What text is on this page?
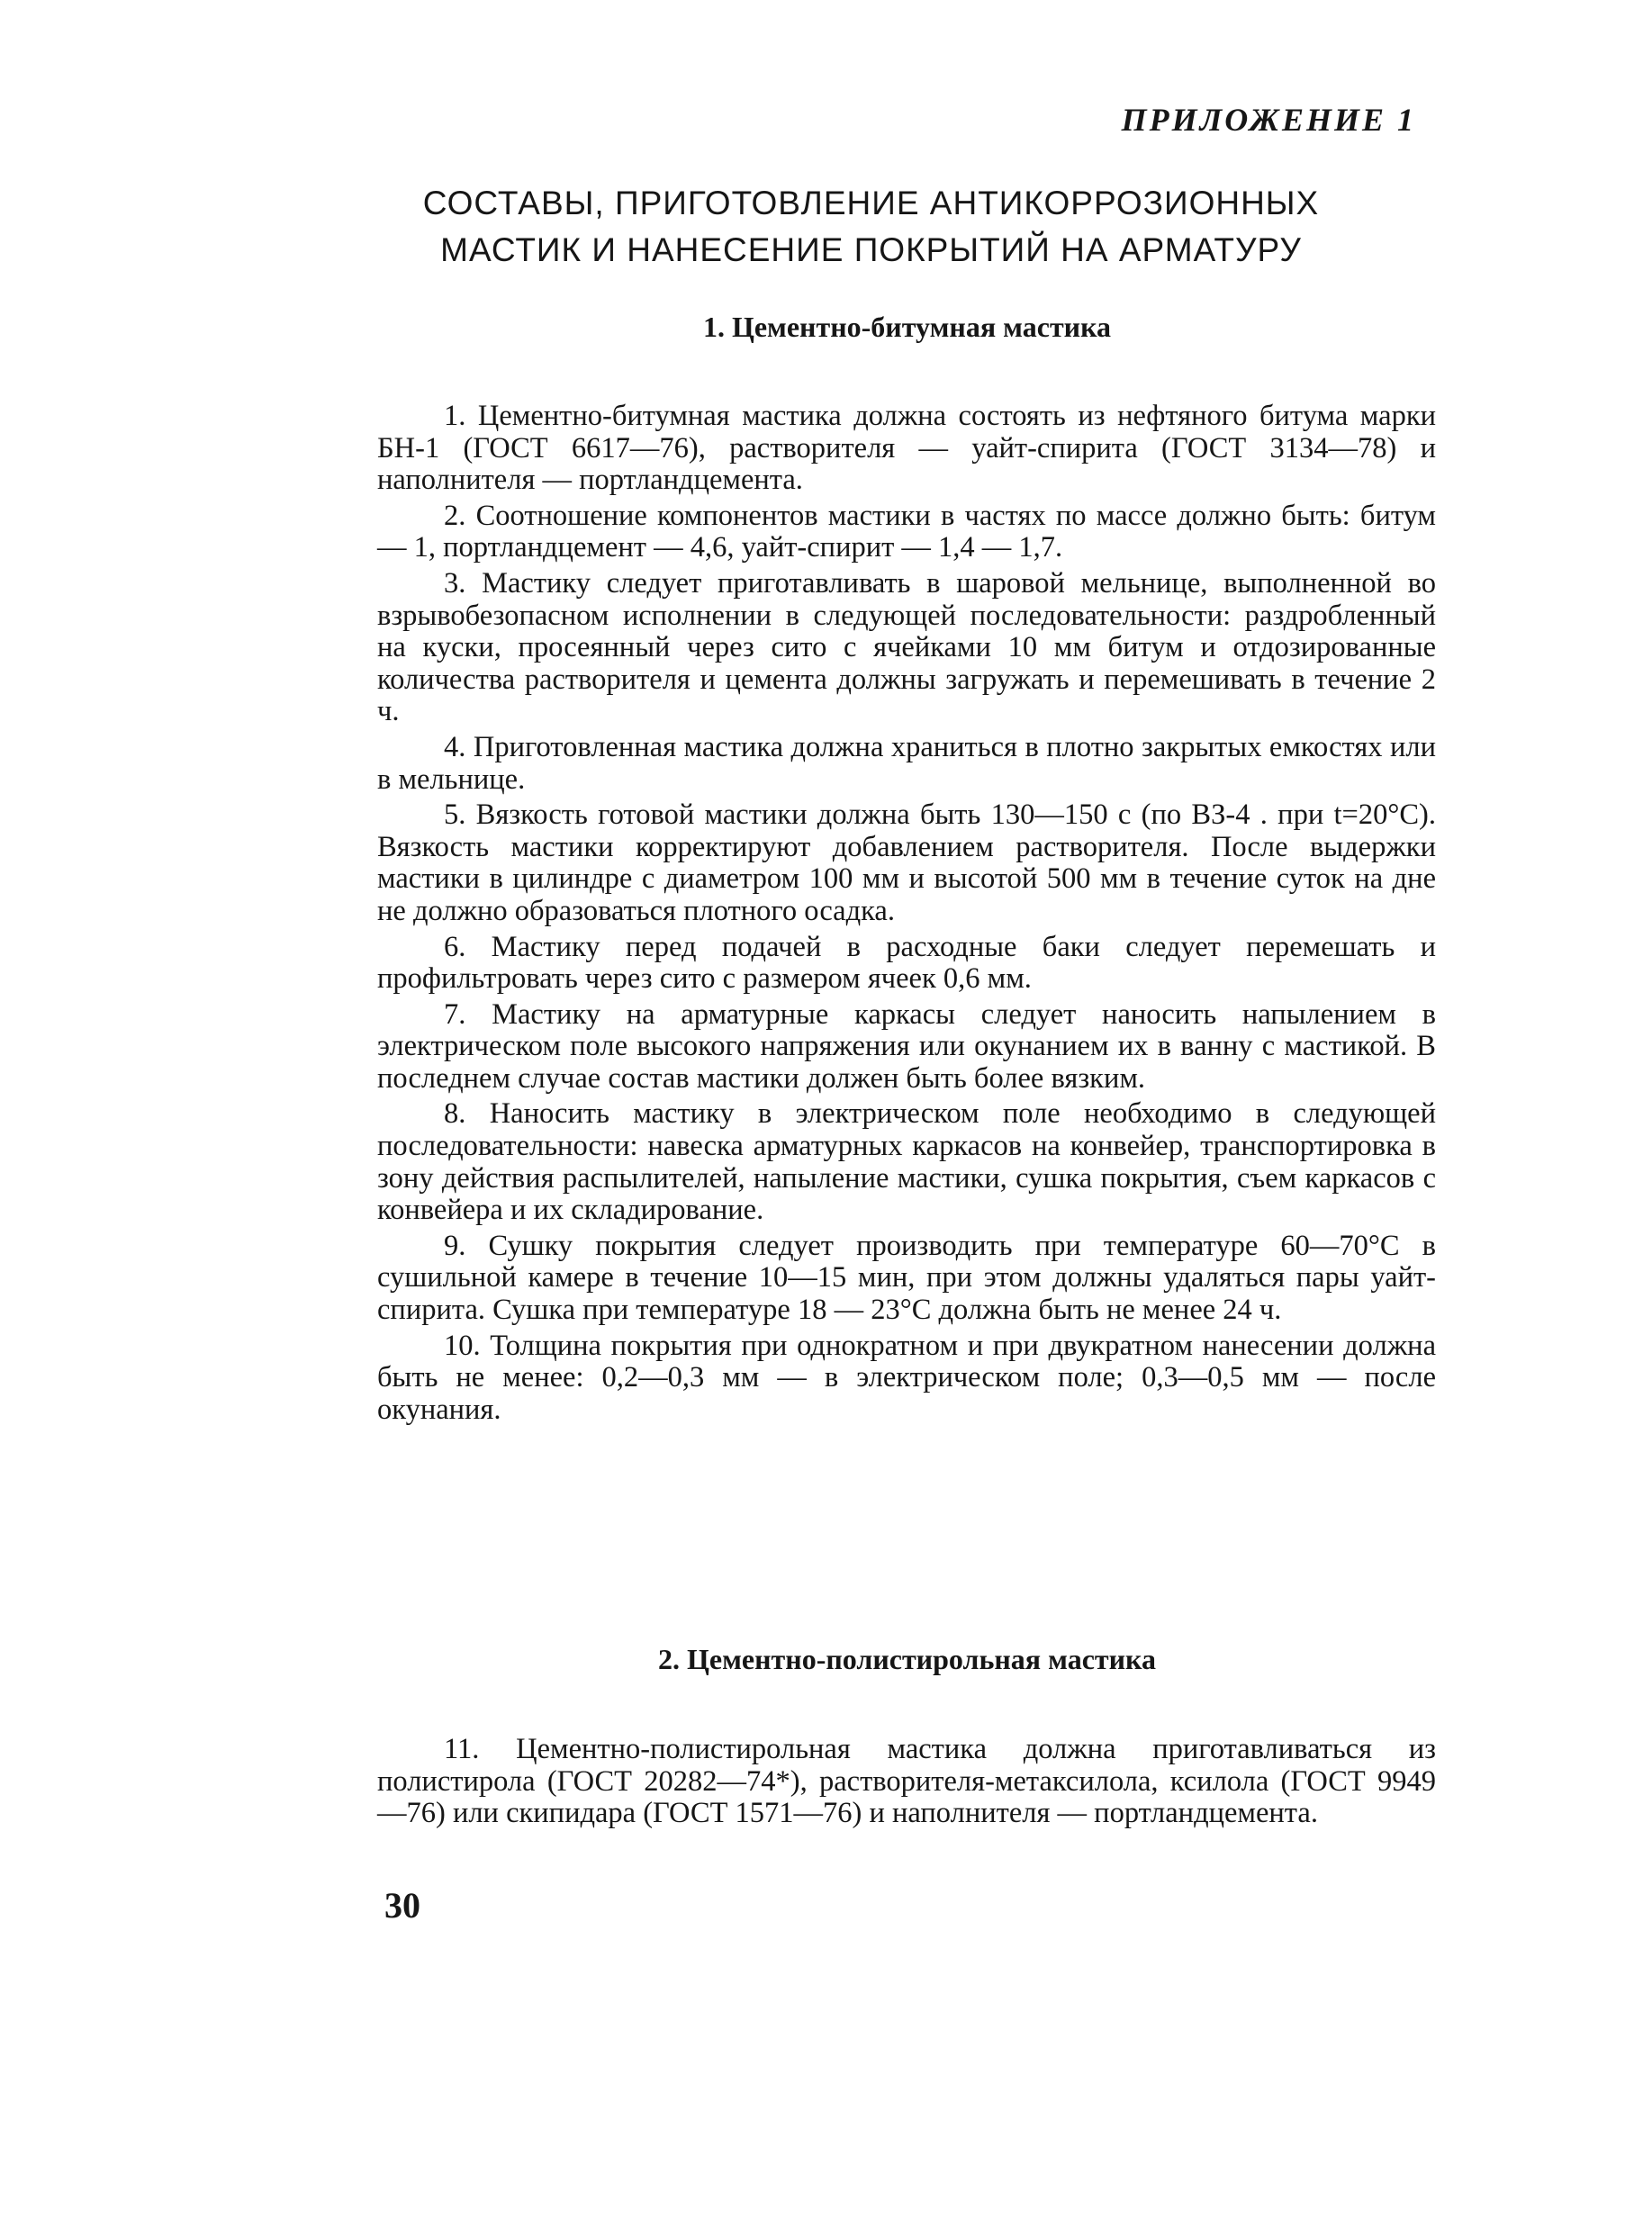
ПРИЛОЖЕНИЕ 1
СОСТАВЫ, ПРИГОТОВЛЕНИЕ АНТИКОРРОЗИОННЫХ
МАСТИК И НАНЕСЕНИЕ ПОКРЫТИЙ НА АРМАТУРУ
1. Цементно-битумная мастика

1. Цементно-битумная мастика должна состоять из нефтяного битума марки БН-1 (ГОСТ 6617—76), растворителя — уайт-спирита (ГОСТ 3134—78) и наполнителя — портландцемента.

2. Соотношение компонентов мастики в частях по массе должно быть: битум — 1, портландцемент — 4,6, уайт-спирит — 1,4 — 1,7.

3. Мастику следует приготавливать в шаровой мельнице, выполненной во взрывобезопасном исполнении в следующей последовательности: раздробленный на куски, просеянный через сито с ячейками 10 мм битум и отдозированные количества растворителя и цемента должны загружать и перемешивать в течение 2 ч.

4. Приготовленная мастика должна храниться в плотно закрытых емкостях или в мельнице.

5. Вязкость готовой мастики должна быть 130—150 с (по ВЗ-4 . при t=20°С). Вязкость мастики корректируют добавлением растворителя. После выдержки мастики в цилиндре с диаметром 100 мм и высотой 500 мм в течение суток на дне не должно образоваться плотного осадка.

6. Мастику перед подачей в расходные баки следует перемешать и профильтровать через сито с размером ячеек 0,6 мм.

7. Мастику на арматурные каркасы следует наносить напылением в электрическом поле высокого напряжения или окунанием их в ванну с мастикой. В последнем случае состав мастики должен быть более вязким.

8. Наносить мастику в электрическом поле необходимо в следующей последовательности: навеска арматурных каркасов на конвейер, транспортировка в зону действия распылителей, напыление мастики, сушка покрытия, съем каркасов с конвейера и их складирование.

9. Сушку покрытия следует производить при температуре 60—70°С в сушильной камере в течение 10—15 мин, при этом должны удаляться пары уайт-спирита. Сушка при температуре 18 — 23°С должна быть не менее 24 ч.

10. Толщина покрытия при однократном и при двукратном нанесении должна быть не менее: 0,2—0,3 мм — в электрическом поле; 0,3—0,5 мм — после окунания.

2. Цементно-полистирольная мастика

11. Цементно-полистирольная мастика должна приготавливаться из полистирола (ГОСТ 20282—74*), растворителя-метаксилола, ксилола (ГОСТ 9949—76) или скипидара (ГОСТ 1571—76) и наполнителя — портландцемента.

30
